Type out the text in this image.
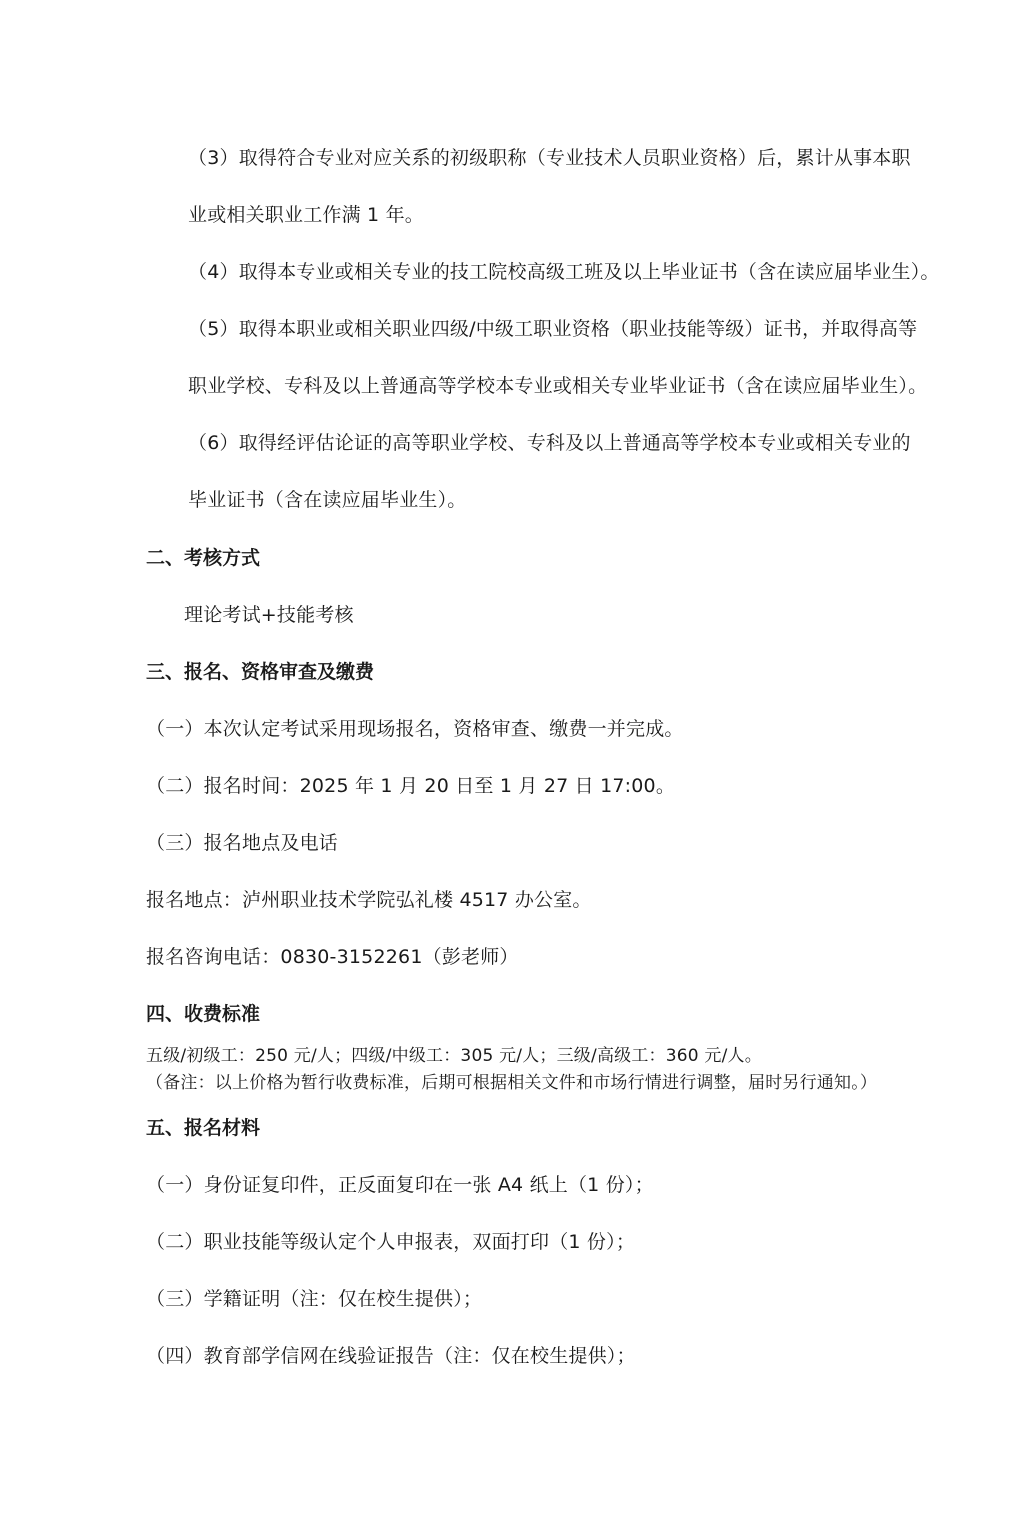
（3）取得符合专业对应关系的初级职称（专业技术人员职业资格）后，累计从事本职
业或相关职业工作满 1 年。
（4）取得本专业或相关专业的技工院校高级工班及以上毕业证书（含在读应届毕业生）。
（5）取得本职业或相关职业四级/中级工职业资格（职业技能等级）证书，并取得高等
职业学校、专科及以上普通高等学校本专业或相关专业毕业证书（含在读应届毕业生）。
（6）取得经评估论证的高等职业学校、专科及以上普通高等学校本专业或相关专业的
毕业证书（含在读应届毕业生）。
二、考核方式
理论考试+技能考核
三、报名、资格审查及缴费
（一）本次认定考试采用现场报名，资格审查、缴费一并完成。
（二）报名时间：2025 年 1 月 20 日至 1 月 27 日 17:00。
（三）报名地点及电话
报名地点：泸州职业技术学院弘礼楼 4517 办公室。
报名咨询电话：0830-3152261（彭老师）
四、收费标准
五级/初级工：250 元/人；四级/中级工：305 元/人；三级/高级工：360 元/人。
（备注：以上价格为暂行收费标准，后期可根据相关文件和市场行情进行调整，届时另行通知。）
五、报名材料
（一）身份证复印件，正反面复印在一张 A4 纸上（1 份）；
（二）职业技能等级认定个人申报表，双面打印（1 份）；
（三）学籍证明（注：仅在校生提供）；
（四）教育部学信网在线验证报告（注：仅在校生提供）；
